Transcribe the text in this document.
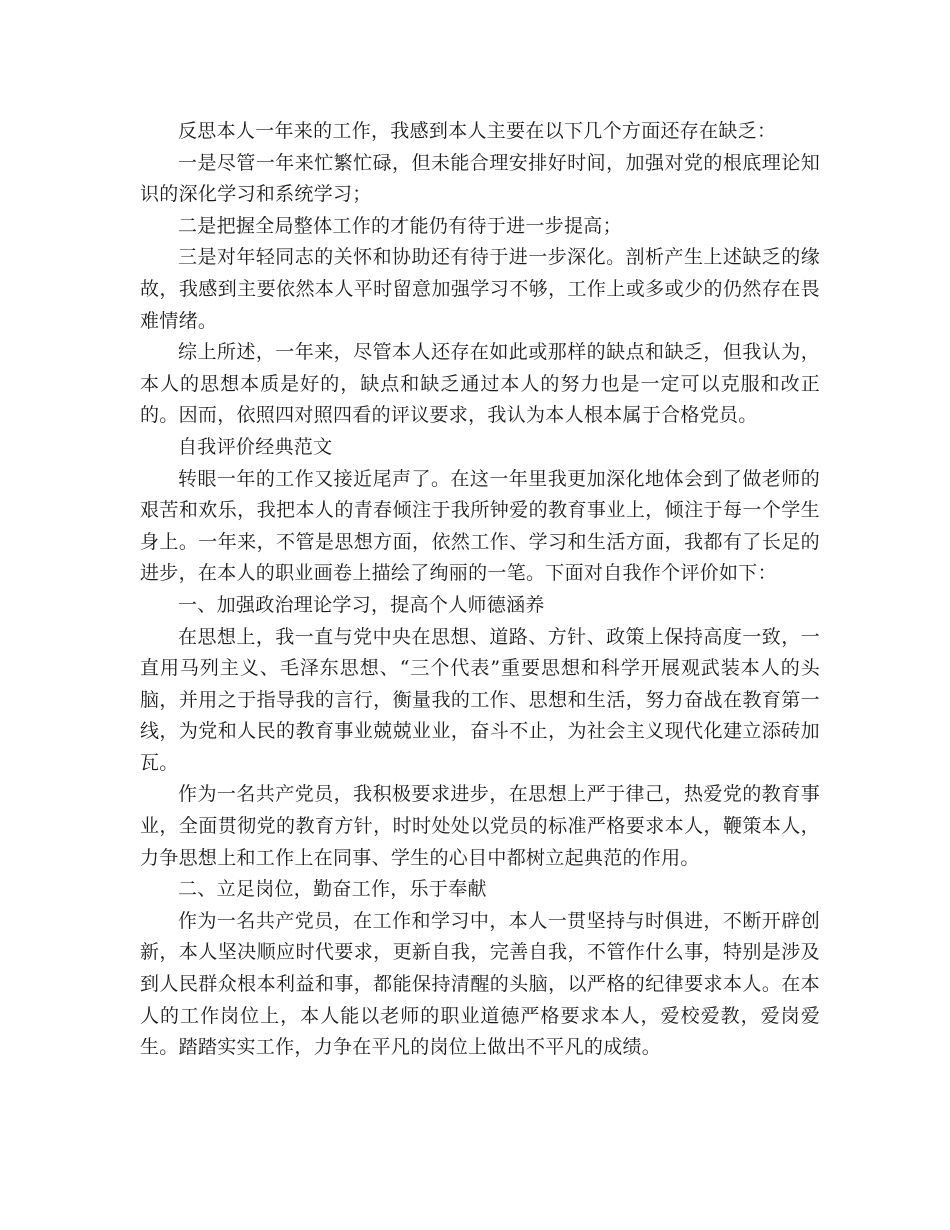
反思本人一年来的工作，我感到本人主要在以下几个方面还存在缺乏：

一是尽管一年来忙繁忙碌，但未能合理安排好时间，加强对党的根底理论知识的深化学习和系统学习；

二是把握全局整体工作的才能仍有待于进一步提高；

三是对年轻同志的关怀和协助还有待于进一步深化。剖析产生上述缺乏的缘故，我感到主要依然本人平时留意加强学习不够，工作上或多或少的仍然存在畏难情绪。

综上所述，一年来，尽管本人还存在如此或那样的缺点和缺乏，但我认为，本人的思想本质是好的，缺点和缺乏通过本人的努力也是一定可以克服和改正的。因而，依照四对照四看的评议要求，我认为本人根本属于合格党员。

自我评价经典范文

转眼一年的工作又接近尾声了。在这一年里我更加深化地体会到了做老师的艰苦和欢乐，我把本人的青春倾注于我所钟爱的教育事业上，倾注于每一个学生身上。一年来，不管是思想方面，依然工作、学习和生活方面，我都有了长足的进步，在本人的职业画卷上描绘了绚丽的一笔。下面对自我作个评价如下：

一、加强政治理论学习，提高个人师德涵养

在思想上，我一直与党中央在思想、道路、方针、政策上保持高度一致，一直用马列主义、毛泽东思想、“三个代表”重要思想和科学开展观武装本人的头脑，并用之于指导我的言行，衡量我的工作、思想和生活，努力奋战在教育第一线，为党和人民的教育事业兢兢业业，奋斗不止，为社会主义现代化建立添砖加瓦。

作为一名共产党员，我积极要求进步，在思想上严于律己，热爱党的教育事业，全面贯彻党的教育方针，时时处处以党员的标准严格要求本人，鞭策本人，力争思想上和工作上在同事、学生的心目中都树立起典范的作用。

二、立足岗位，勤奋工作，乐于奉献

作为一名共产党员，在工作和学习中，本人一贯坚持与时俱进，不断开辟创新，本人坚决顺应时代要求，更新自我，完善自我，不管作什么事，特别是涉及到人民群众根本利益和事，都能保持清醒的头脑，以严格的纪律要求本人。在本人的工作岗位上，本人能以老师的职业道德严格要求本人，爱校爱教，爱岗爱生。踏踏实实工作，力争在平凡的岗位上做出不平凡的成绩。
